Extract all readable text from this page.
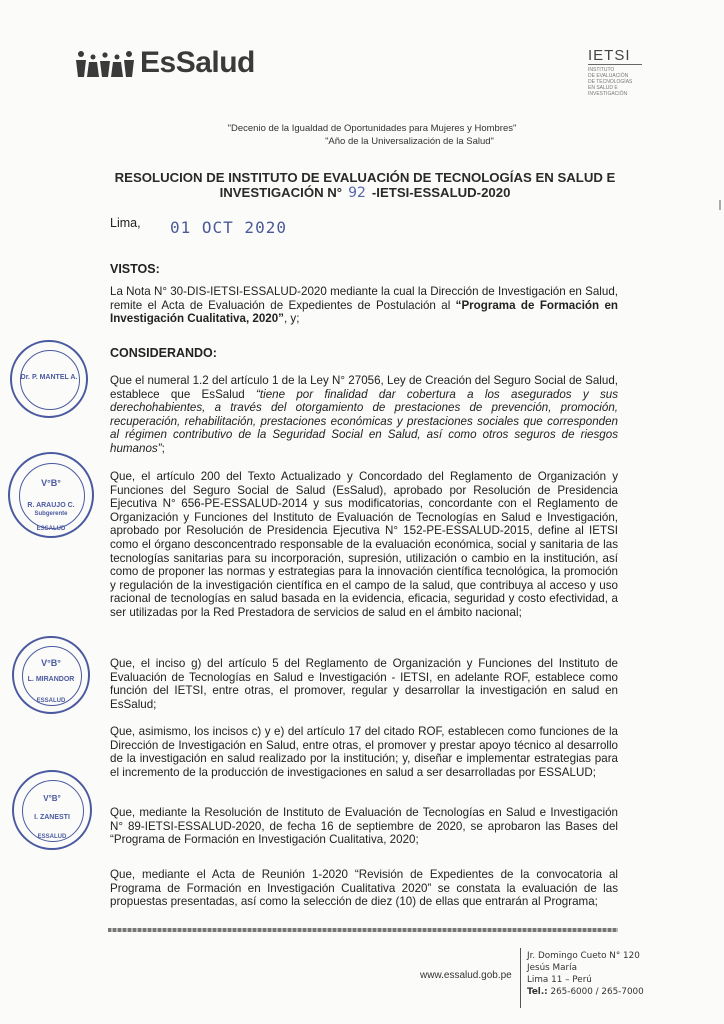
EsSalud	IETSI
INSTITUTO
DE EVALUACIÓN
DE TECNOLOGÍAS
EN SALUD E
INVESTIGACIÓN
"Decenio de la Igualdad de Oportunidades para Mujeres y Hombres"
"Año de la Universalización de la Salud"
RESOLUCION DE INSTITUTO DE EVALUACIÓN DE TECNOLOGÍAS EN SALUD E
INVESTIGACIÓN N° 92 -IETSI-ESSALUD-2020
Lima, 01 OCT 2020
VISTOS:
La Nota N° 30-DIS-IETSI-ESSALUD-2020 mediante la cual la Dirección de Investigación en Salud, remite el Acta de Evaluación de Expedientes de Postulación al “Programa de Formación en Investigación Cualitativa, 2020”, y;
CONSIDERANDO:
Que el numeral 1.2 del artículo 1 de la Ley N° 27056, Ley de Creación del Seguro Social de Salud, establece que EsSalud “tiene por finalidad dar cobertura a los asegurados y sus derechohabientes, a través del otorgamiento de prestaciones de prevención, promoción, recuperación, rehabilitación, prestaciones económicas y prestaciones sociales que corresponden al régimen contributivo de la Seguridad Social en Salud, así como otros seguros de riesgos humanos”;
Que, el artículo 200 del Texto Actualizado y Concordado del Reglamento de Organización y Funciones del Seguro Social de Salud (EsSalud), aprobado por Resolución de Presidencia Ejecutiva N° 656-PE-ESSALUD-2014 y sus modificatorias, concordante con el Reglamento de Organización y Funciones del Instituto de Evaluación de Tecnologías en Salud e Investigación, aprobado por Resolución de Presidencia Ejecutiva N° 152-PE-ESSALUD-2015, define al IETSI como el órgano desconcentrado responsable de la evaluación económica, social y sanitaria de las tecnologías sanitarias para su incorporación, supresión, utilización o cambio en la institución, así como de proponer las normas y estrategias para la innovación científica tecnológica, la promoción y regulación de la investigación científica en el campo de la salud, que contribuya al acceso y uso racional de tecnologías en salud basada en la evidencia, eficacia, seguridad y costo efectividad, a ser utilizadas por la Red Prestadora de servicios de salud en el ámbito nacional;
Que, el inciso g) del artículo 5 del Reglamento de Organización y Funciones del Instituto de Evaluación de Tecnologías en Salud e Investigación - IETSI, en adelante ROF, establece como función del IETSI, entre otras, el promover, regular y desarrollar la investigación en salud en EsSalud;
Que, asimismo, los incisos c) y e) del artículo 17 del citado ROF, establecen como funciones de la Dirección de Investigación en Salud, entre otras, el promover y prestar apoyo técnico al desarrollo de la investigación en salud realizado por la institución; y, diseñar e implementar estrategias para el incremento de la producción de investigaciones en salud a ser desarrolladas por ESSALUD;
Que, mediante la Resolución de Instituto de Evaluación de Tecnologías en Salud e Investigación N° 89-IETSI-ESSALUD-2020, de fecha 16 de septiembre de 2020, se aprobaron las Bases del “Programa de Formación en Investigación Cualitativa, 2020;
Que, mediante el Acta de Reunión 1-2020 “Revisión de Expedientes de la convocatoria al Programa de Formación en Investigación Cualitativa 2020” se constata la evaluación de las propuestas presentadas, así como la selección de diez (10) de ellas que entrarán al Programa;
Dr. P. MANTEL A.
V°B°
R. ARAUJO C.
Subgerente
ESSALUD
V°B°
L. MIRANDOR
ESSALUD
V°B°
I. ZANESTI
ESSALUD
www.essalud.gob.pe
Jr. Domingo Cueto N° 120
Jesús María
Lima 11 – Perú
Tel.: 265-6000 / 265-7000
